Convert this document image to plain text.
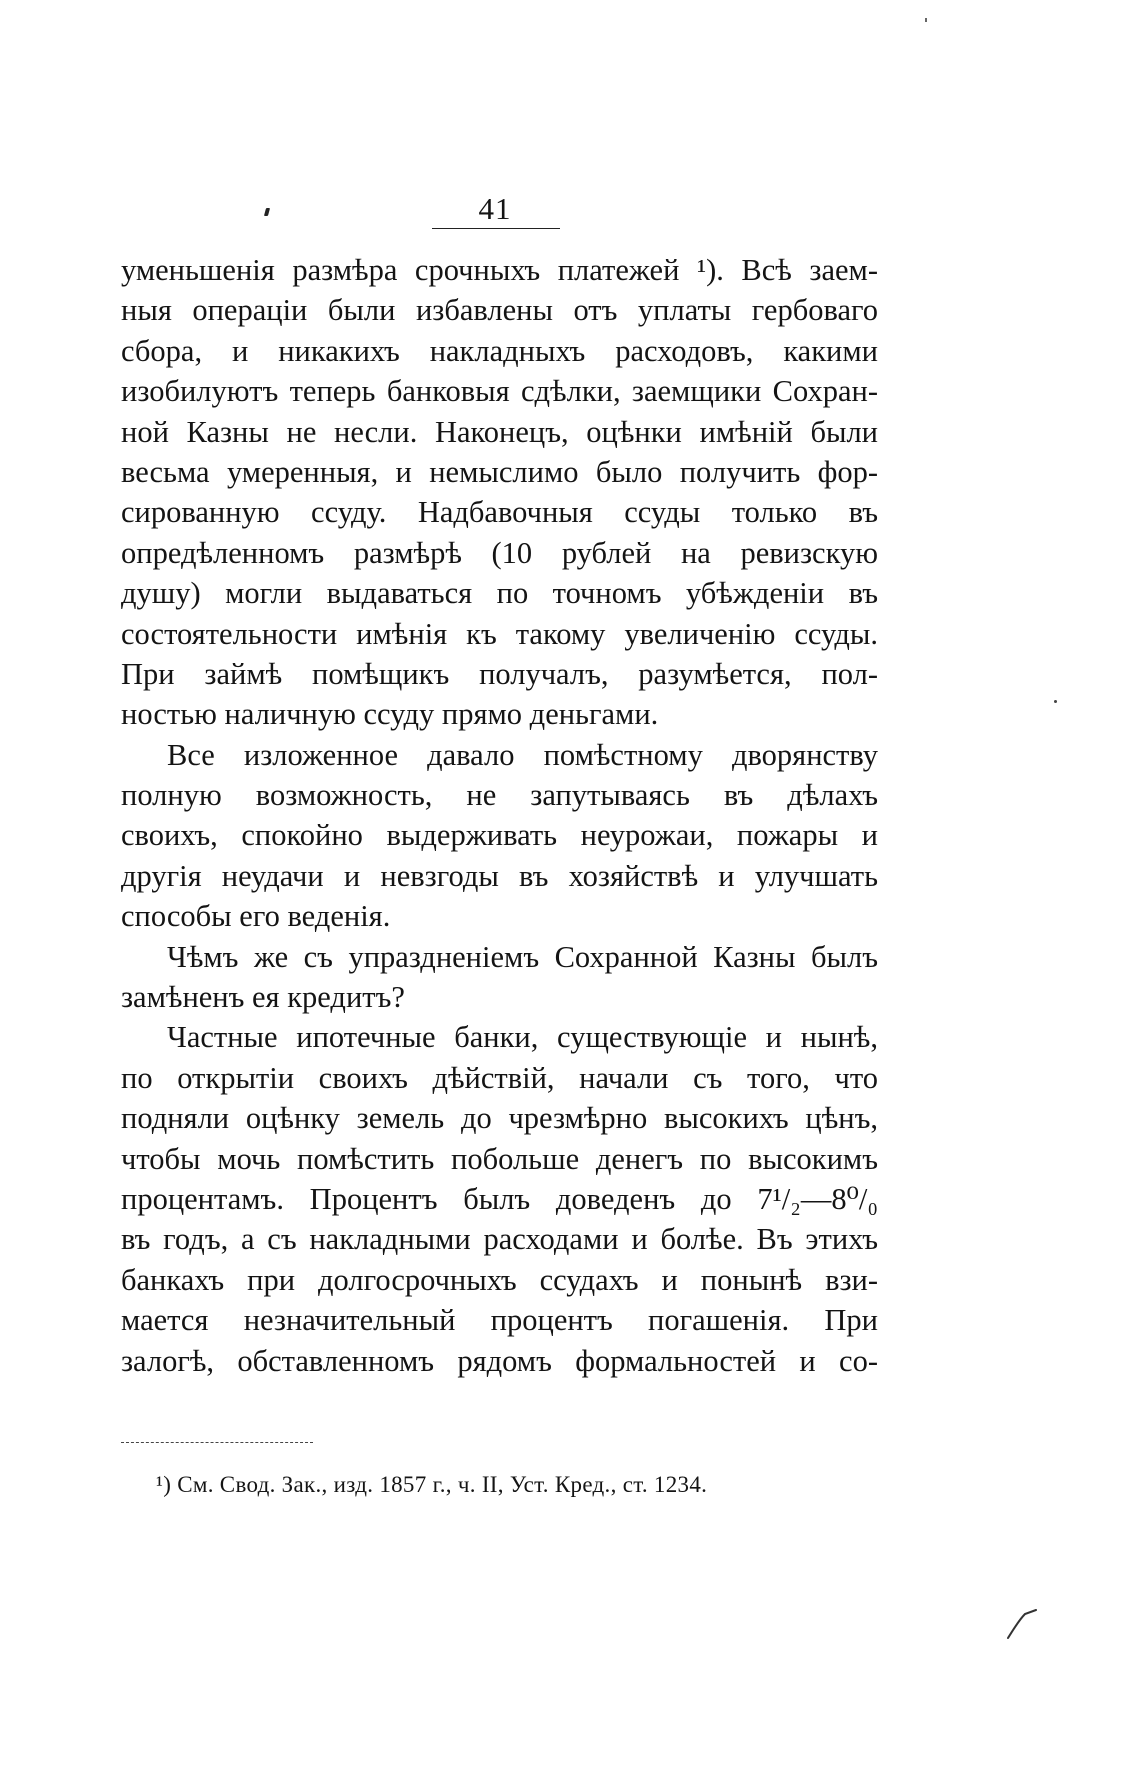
41
уменьшенія размѣра срочныхъ платежей ¹). Всѣ заем-
ныя операціи были избавлены отъ уплаты гербоваго
сбора, и никакихъ накладныхъ расходовъ, какими
изобилуютъ теперь банковыя сдѣлки, заемщики Сохран-
ной Казны не несли. Наконецъ, оцѣнки имѣній были
весьма умеренныя, и немыслимо было получить фор-
сированную ссуду. Надбавочныя ссуды только въ
опредѣленномъ размѣрѣ (10 рублей на ревизскую
душу) могли выдаваться по точномъ убѣжденіи въ
состоятельности имѣнія къ такому увеличенію ссуды.
При займѣ помѣщикъ получалъ, разумѣется, пол-
ностью наличную ссуду прямо деньгами.
Все изложенное давало помѣстному дворянству
полную возможность, не запутываясь въ дѣлахъ
своихъ, спокойно выдерживать неурожаи, пожары и
другія неудачи и невзгоды въ хозяйствѣ и улучшать
способы его веденія.
Чѣмъ же съ упраздненіемъ Сохранной Казны былъ
замѣненъ ея кредитъ?
Частные ипотечные банки, существующіе и нынѣ,
по открытіи своихъ дѣйствій, начали съ того, что
подняли оцѣнку земель до чрезмѣрно высокихъ цѣнъ,
чтобы мочь помѣстить побольше денегъ по высокимъ
процентамъ. Процентъ былъ доведенъ до 7¹/₂—8⁰/₀
въ годъ, а съ накладными расходами и болѣе. Въ этихъ
банкахъ при долгосрочныхъ ссудахъ и понынѣ взи-
мается незначительный процентъ погашенія. При
залогѣ, обставленномъ рядомъ формальностей и со-
¹) См. Свод. Зак., изд. 1857 г., ч. II, Уст. Кред., ст. 1234.
